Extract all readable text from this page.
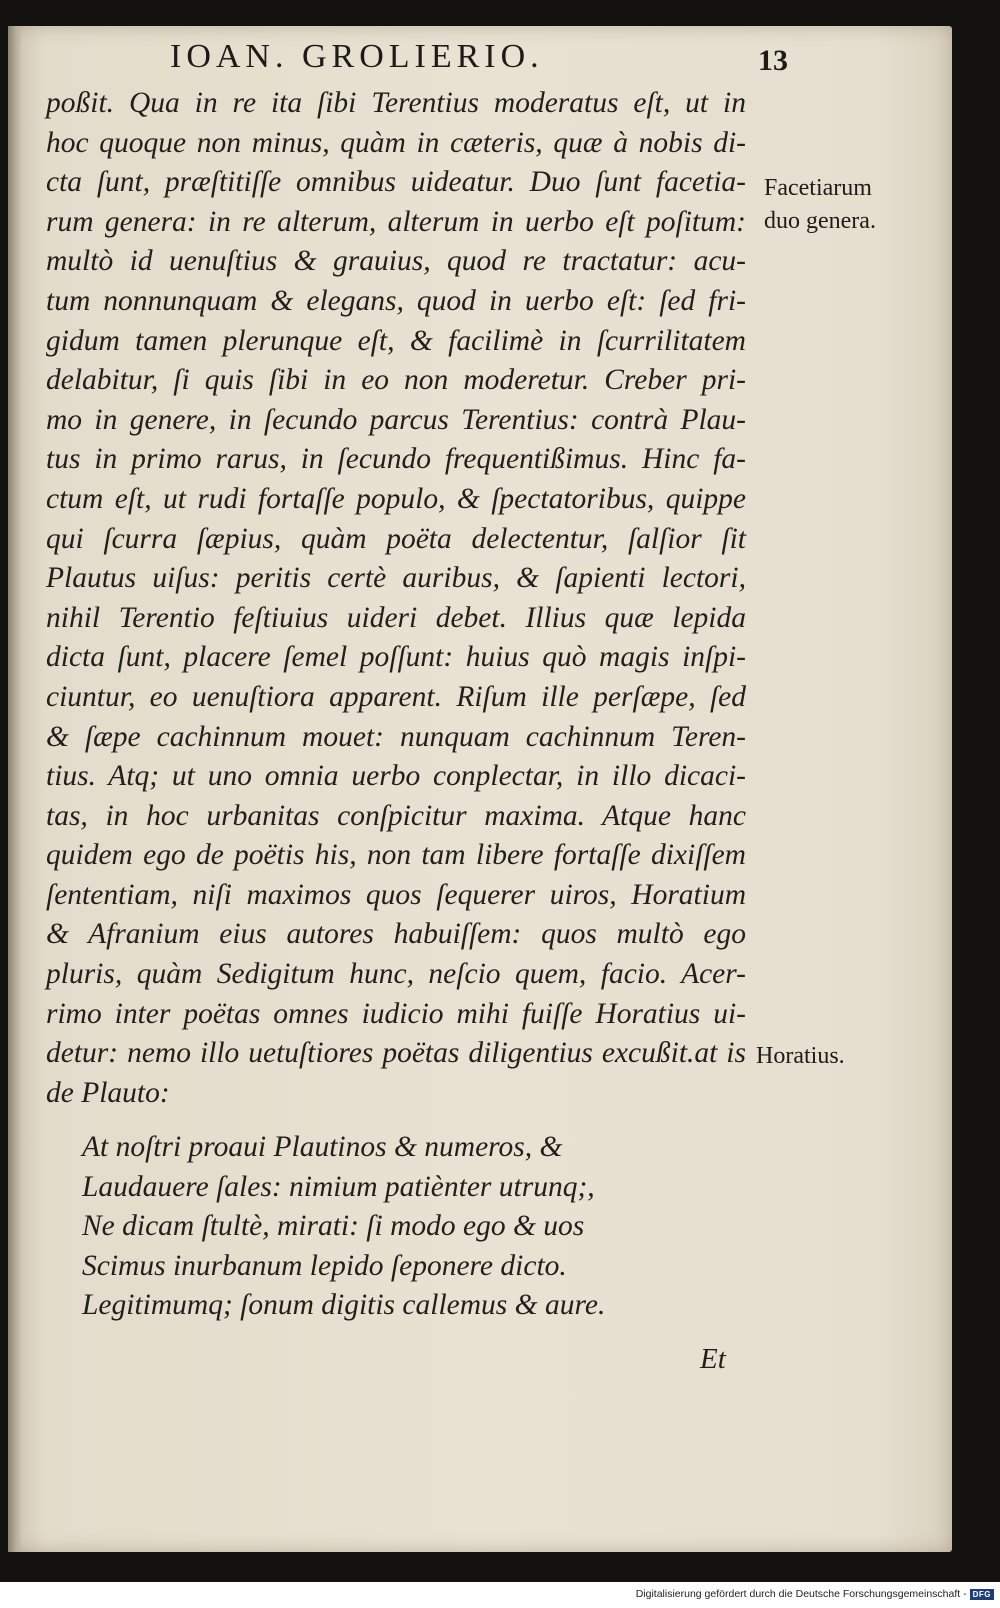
IOAN. GROLIERIO.	13
poßit. Qua in re ita ſibi Terentius moderatus eſt, ut in
hoc quoque non minus, quàm in cæteris, quæ à nobis di-
cta ſunt, præſtitiſſe omnibus uideatur. Duo ſunt facetia-
rum genera: in re alterum, alterum in uerbo eſt poſitum:
multò id uenuſtius & grauius, quod re tractatur: acu-
tum nonnunquam & elegans, quod in uerbo eſt: ſed fri-
gidum tamen plerunque eſt, & facilimè in ſcurrilitatem
delabitur, ſi quis ſibi in eo non moderetur. Creber pri-
mo in genere, in ſecundo parcus Terentius: contrà Plau-
tus in primo rarus, in ſecundo frequentißimus. Hinc fa-
ctum eſt, ut rudi fortaſſe populo, & ſpectatoribus, quippe
qui ſcurra ſæpius, quàm poëta delectentur, ſalſior ſit
Plautus uiſus: peritis certè auribus, & ſapienti lectori,
nihil Terentio feſtiuius uideri debet. Illius quæ lepida
dicta ſunt, placere ſemel poſſunt: huius quò magis inſpi-
ciuntur, eo uenuſtiora apparent. Riſum ille perſæpe, ſed
& ſæpe cachinnum mouet: nunquam cachinnum Teren-
tius. Atq; ut uno omnia uerbo conplectar, in illo dicaci-
tas, in hoc urbanitas conſpicitur maxima. Atque hanc
quidem ego de poëtis his, non tam libere fortaſſe dixiſſem
ſententiam, niſi maximos quos ſequerer uiros, Horatium
& Afranium eius autores habuiſſem: quos multò ego
pluris, quàm Sedigitum hunc, neſcio quem, facio. Acer-
rimo inter poëtas omnes iudicio mihi fuiſſe Horatius ui-
detur: nemo illo uetuſtiores poëtas diligentius excußit.at is
de Plauto:
At noſtri proaui Plautinos & numeros, &
Laudauere ſales: nimium patiènter utrunq;,
Ne dicam ſtultè, mirati: ſi modo ego & uos
Scimus inurbanum lepido ſeponere dicto.
Legitimumq; ſonum digitis callemus & aure.
Facetiarum
duo genera.
Horatius.
Et
Digitalisierung gefördert durch die Deutsche Forschungsgemeinschaft - DFG
